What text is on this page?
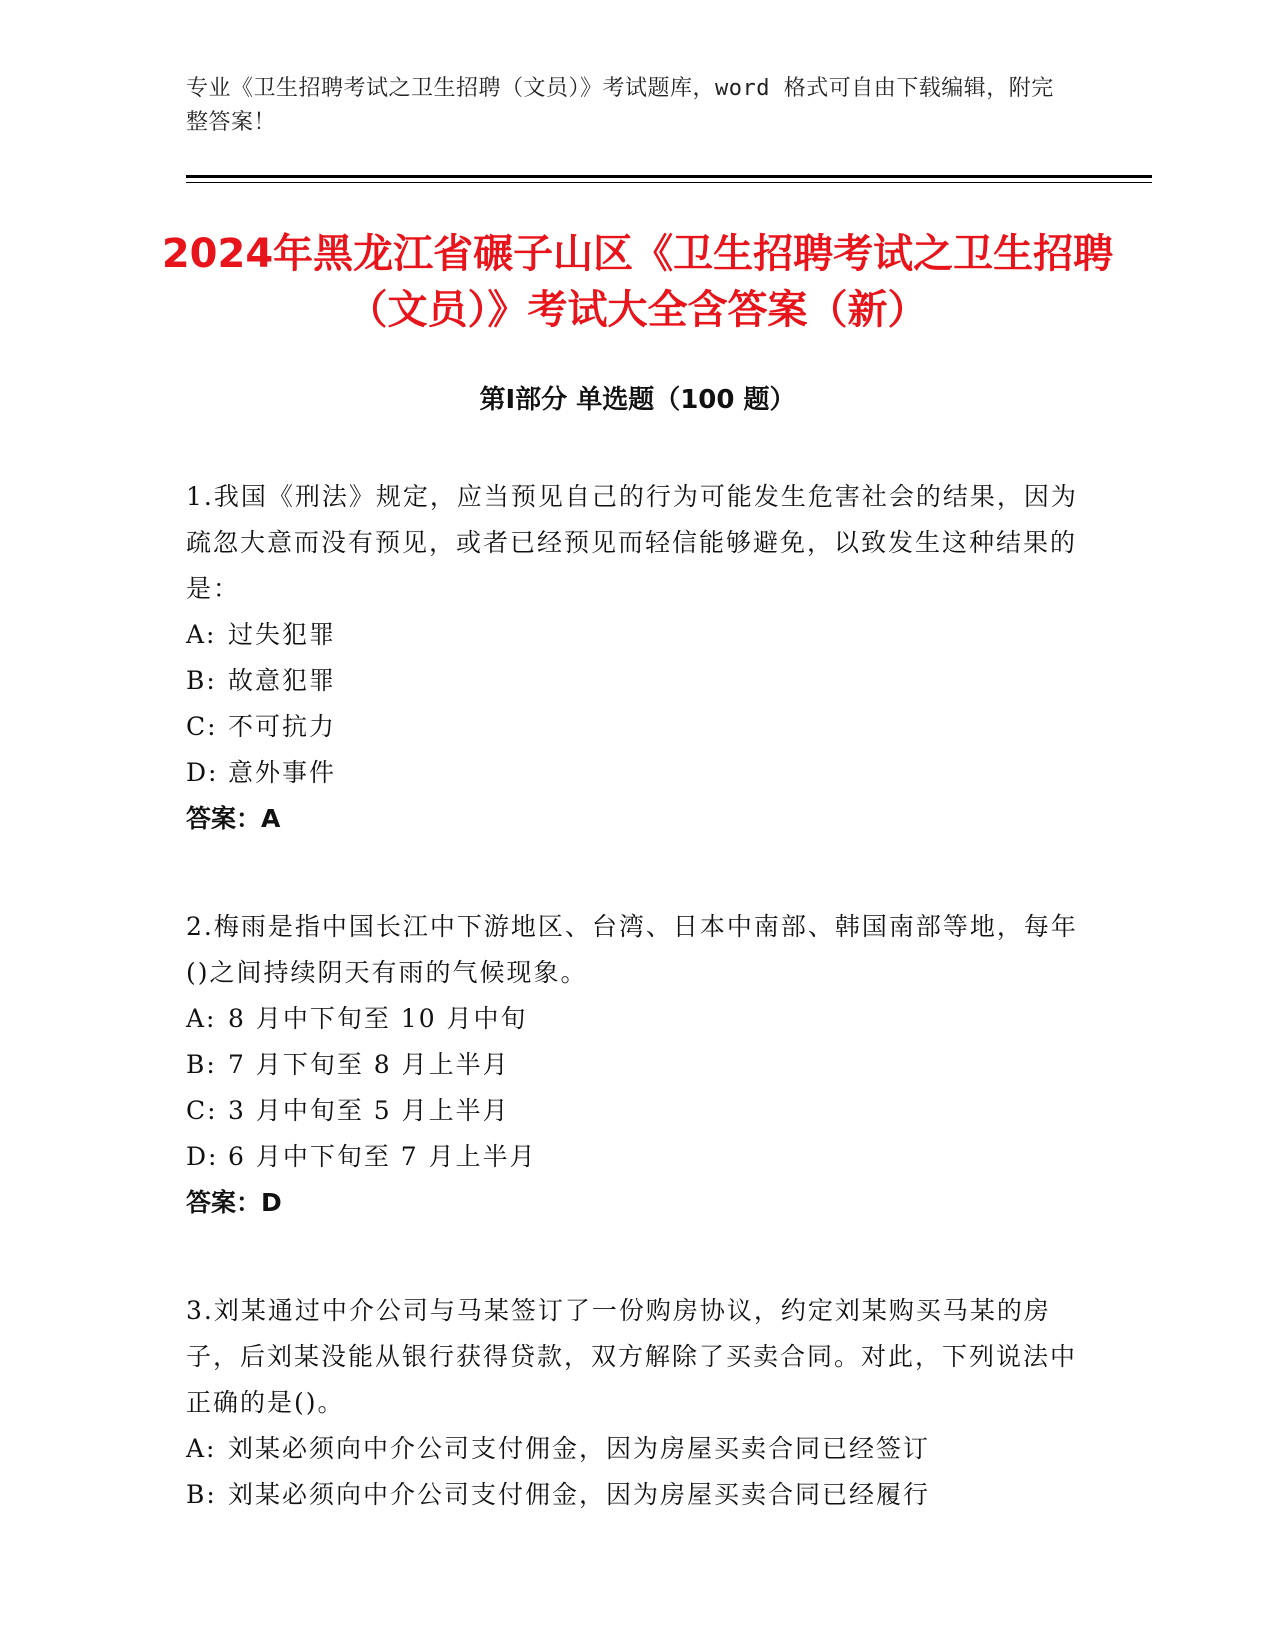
专业《卫生招聘考试之卫生招聘（文员）》考试题库，word 格式可自由下载编辑，附完整答案！
2024年黑龙江省碾子山区《卫生招聘考试之卫生招聘（文员）》考试大全含答案（新）
第Ⅰ部分 单选题（100 题）

1.我国《刑法》规定，应当预见自己的行为可能发生危害社会的结果，因为疏忽大意而没有预见，或者已经预见而轻信能够避免，以致发生这种结果的是：

A: 过失犯罪
B: 故意犯罪
C: 不可抗力
D: 意外事件

答案：A

2.梅雨是指中国长江中下游地区、台湾、日本中南部、韩国南部等地，每年()之间持续阴天有雨的气候现象。

A: 8 月中下旬至 10 月中旬
B: 7 月下旬至 8 月上半月
C: 3 月中旬至 5 月上半月
D: 6 月中下旬至 7 月上半月

答案：D

3.刘某通过中介公司与马某签订了一份购房协议，约定刘某购买马某的房子，后刘某没能从银行获得贷款，双方解除了买卖合同。对此，下列说法中正确的是()。

A: 刘某必须向中介公司支付佣金，因为房屋买卖合同已经签订
B: 刘某必须向中介公司支付佣金，因为房屋买卖合同已经履行
